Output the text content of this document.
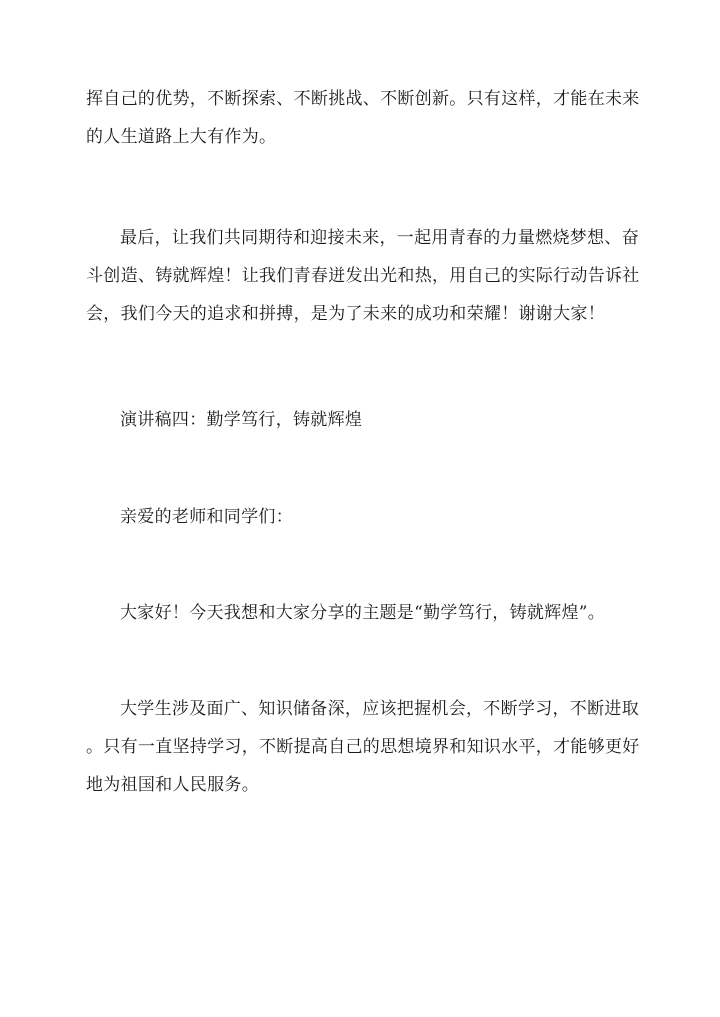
挥自己的优势，不断探索、不断挑战、不断创新。只有这样，才能在未来
的人生道路上大有作为。

最后，让我们共同期待和迎接未来，一起用青春的力量燃烧梦想、奋
斗创造、铸就辉煌！让我们青春迸发出光和热，用自己的实际行动告诉社
会，我们今天的追求和拼搏，是为了未来的成功和荣耀！谢谢大家！

演讲稿四：勤学笃行，铸就辉煌

亲爱的老师和同学们：

大家好！今天我想和大家分享的主题是“勤学笃行，铸就辉煌”。

大学生涉及面广、知识储备深，应该把握机会，不断学习，不断进取
。只有一直坚持学习，不断提高自己的思想境界和知识水平，才能够更好
地为祖国和人民服务。
